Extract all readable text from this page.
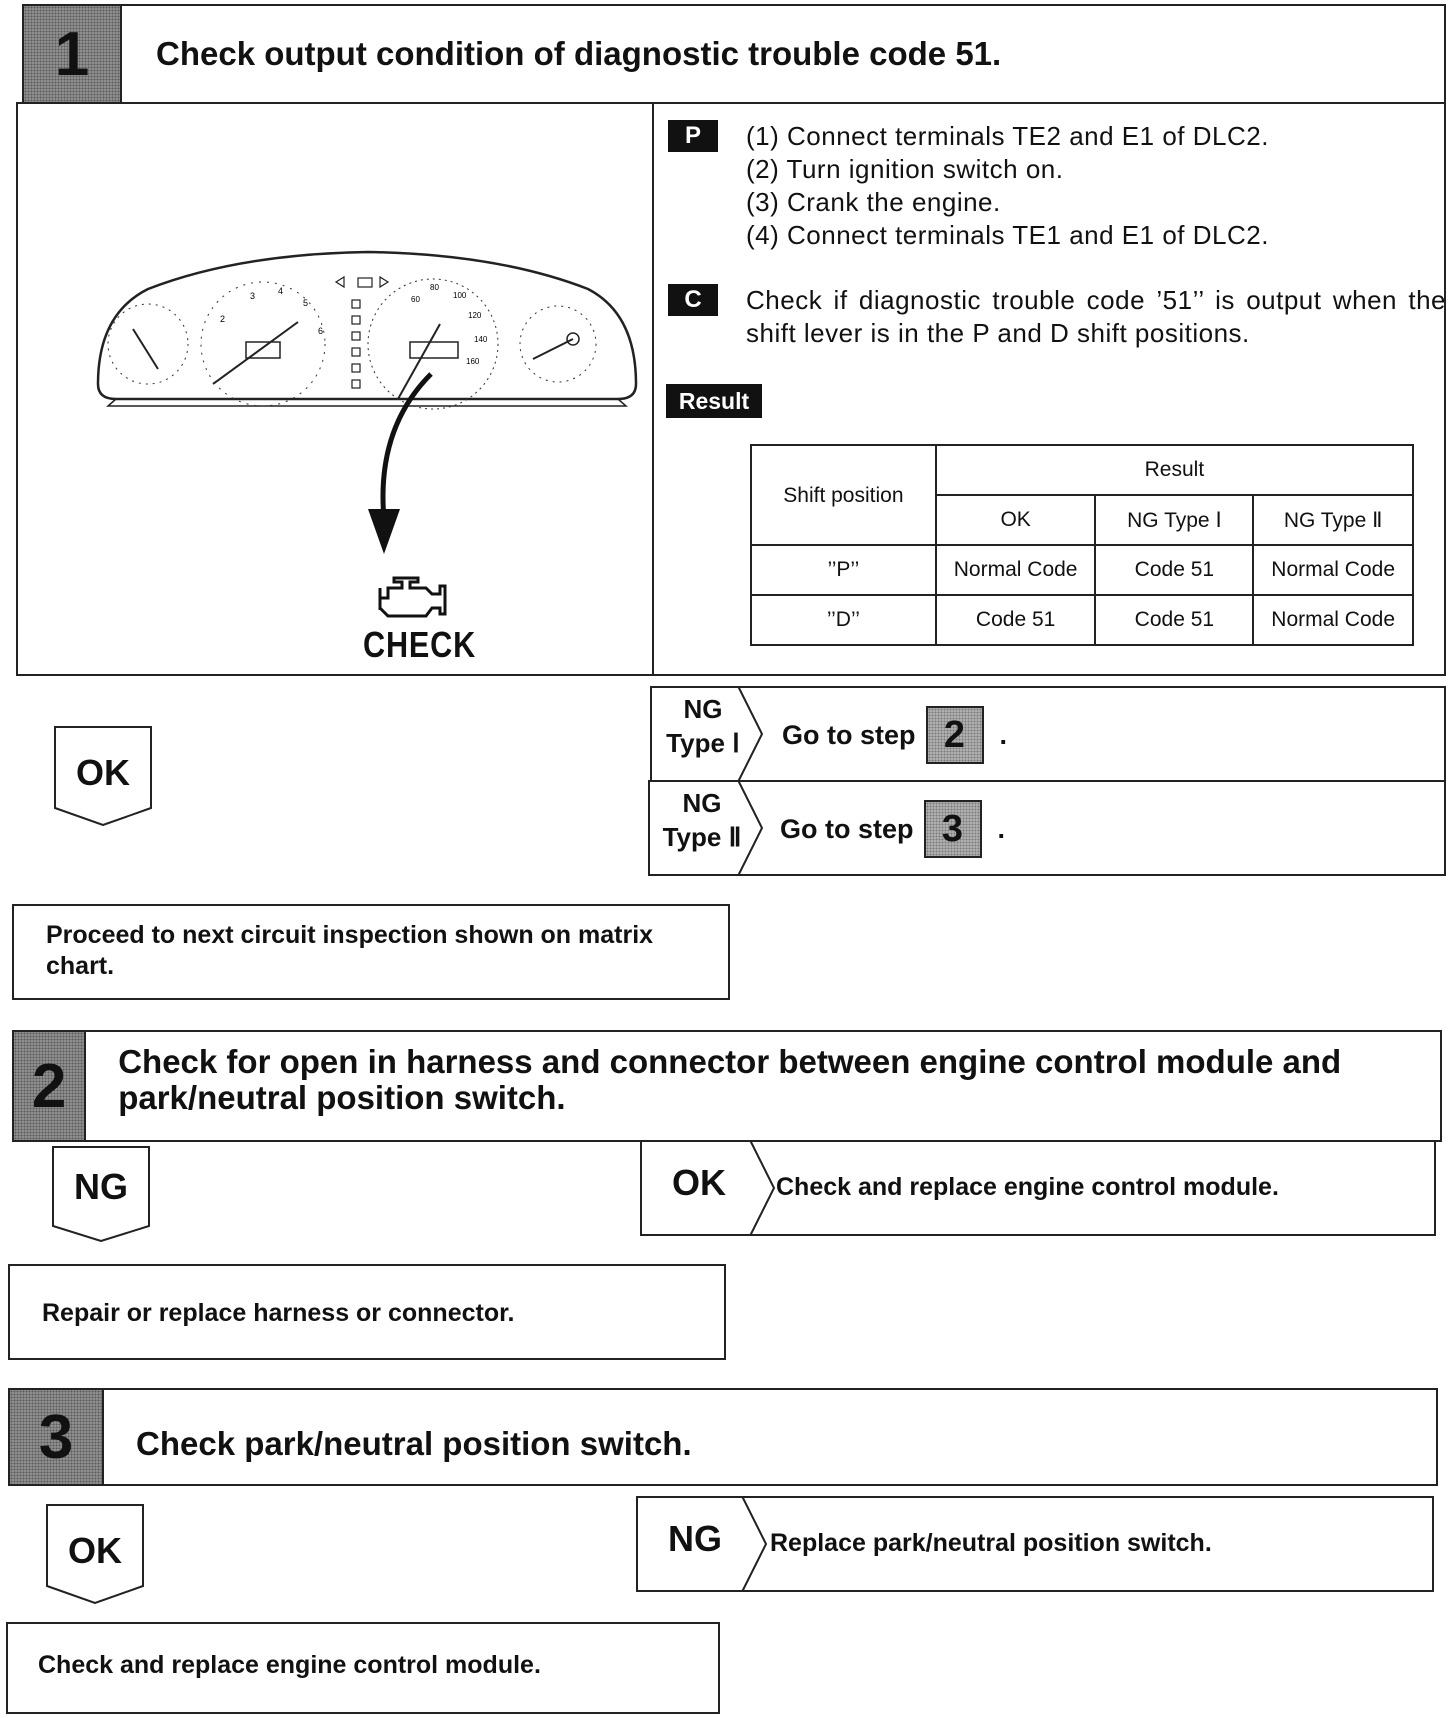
1	Check output condition of diagnostic trouble code 51.
2
3	4
5
6
60
80
100
120
140
160
CHECK
P	(1) Connect terminals TE2 and E1 of DLC2.
(2) Turn ignition switch on.
(3) Crank the engine.
(4) Connect terminals TE1 and E1 of DLC2.
C	Check if diagnostic trouble code ’51’’ is output when the shift lever is in the P and D shift positions.
Result
Shift position	Result		
	OK	NG Type Ⅰ	NG Type Ⅱ
’’P’’	Normal Code	Code 51	Normal Code
’’D’’	Code 51	Code 51	Normal Code
NG
Type Ⅰ	Go to step 2	.
NG
Type Ⅱ Go to step 3	.
OK
Proceed to next circuit inspection shown on matrix chart.
2	Check for open in harness and connector between engine control module and park/neutral position switch.
NG	OK Check and replace engine control module.
Repair or replace harness or connector.
3	Check park/neutral position switch.
OK	NG Replace park/neutral position switch.
Check and replace engine control module.
